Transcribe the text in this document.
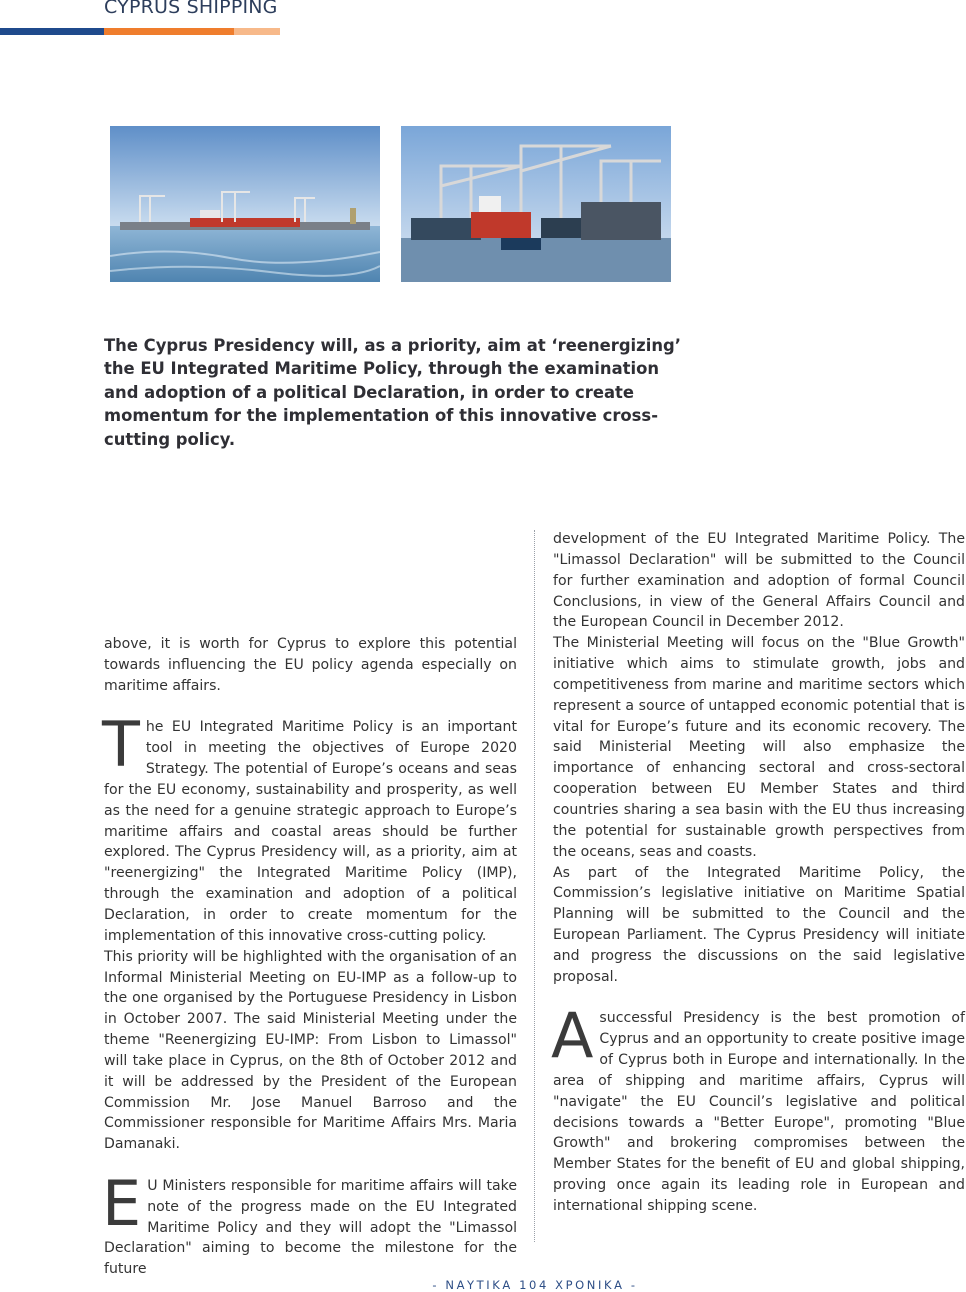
CYPRUS SHIPPING

The Cyprus Presidency will, as a priority, aim at ‘reenergizing’ the EU Integrated Maritime Policy, through the examination and adoption of a political Declaration, in order to create momentum for the implementation of this innovative cross-cutting policy.

above, it is worth for Cyprus to explore this potential towards influencing the EU policy agenda especially on maritime affairs.

The EU Integrated Maritime Policy is an important tool in meeting the objectives of Europe 2020 Strategy. The potential of Europe’s oceans and seas for the EU economy, sustainability and prosperity, as well as the need for a genuine strategic approach to Europe’s maritime affairs and coastal areas should be further explored. The Cyprus Presidency will, as a priority, aim at "reenergizing" the Integrated Maritime Policy (IMP), through the examination and adoption of a political Declaration, in order to create momentum for the implementation of this innovative cross-cutting policy.

This priority will be highlighted with the organisation of an Informal Ministerial Meeting on EU-IMP as a follow-up to the one organised by the Portuguese Presidency in Lisbon in October 2007. The said Ministerial Meeting under the theme "Reenergizing EU-IMP: From Lisbon to Limassol" will take place in Cyprus, on the 8th of October 2012 and it will be addressed by the President of the European Commission Mr. Jose Manuel Barroso and the Commissioner responsible for Maritime Affairs Mrs. Maria Damanaki.

E U Ministers responsible for maritime affairs will take note of the progress made on the EU Integrated Maritime Policy and they will adopt the "Limassol Declaration" aiming to become the milestone for the future

development of the EU Integrated Maritime Policy. The "Limassol Declaration" will be submitted to the Council for further examination and adoption of formal Council Conclusions, in view of the General Affairs Council and the European Council in December 2012.

The Ministerial Meeting will focus on the "Blue Growth" initiative which aims to stimulate growth, jobs and competitiveness from marine and maritime sectors which represent a source of untapped economic potential that is vital for Europe’s future and its economic recovery. The said Ministerial Meeting will also emphasize the importance of enhancing sectoral and cross-sectoral cooperation between EU Member States and third countries sharing a sea basin with the EU thus increasing the potential for sustainable growth perspectives from the oceans, seas and coasts.

As part of the Integrated Maritime Policy, the Commission’s legislative initiative on Maritime Spatial Planning will be submitted to the Council and the European Parliament. The Cyprus Presidency will initiate and progress the discussions on the said legislative proposal.

A successful Presidency is the best promotion of Cyprus and an opportunity to create positive image of Cyprus both in Europe and internationally. In the area of shipping and maritime affairs, Cyprus will "navigate" the EU Council’s legislative and political decisions towards a "Better Europe", promoting "Blue Growth" and brokering compromises between the Member States for the benefit of EU and global shipping, proving once again its leading role in European and international shipping scene.

- ΝΑΥΤΙΚΑ 104 ΧΡΟΝΙΚΑ -
